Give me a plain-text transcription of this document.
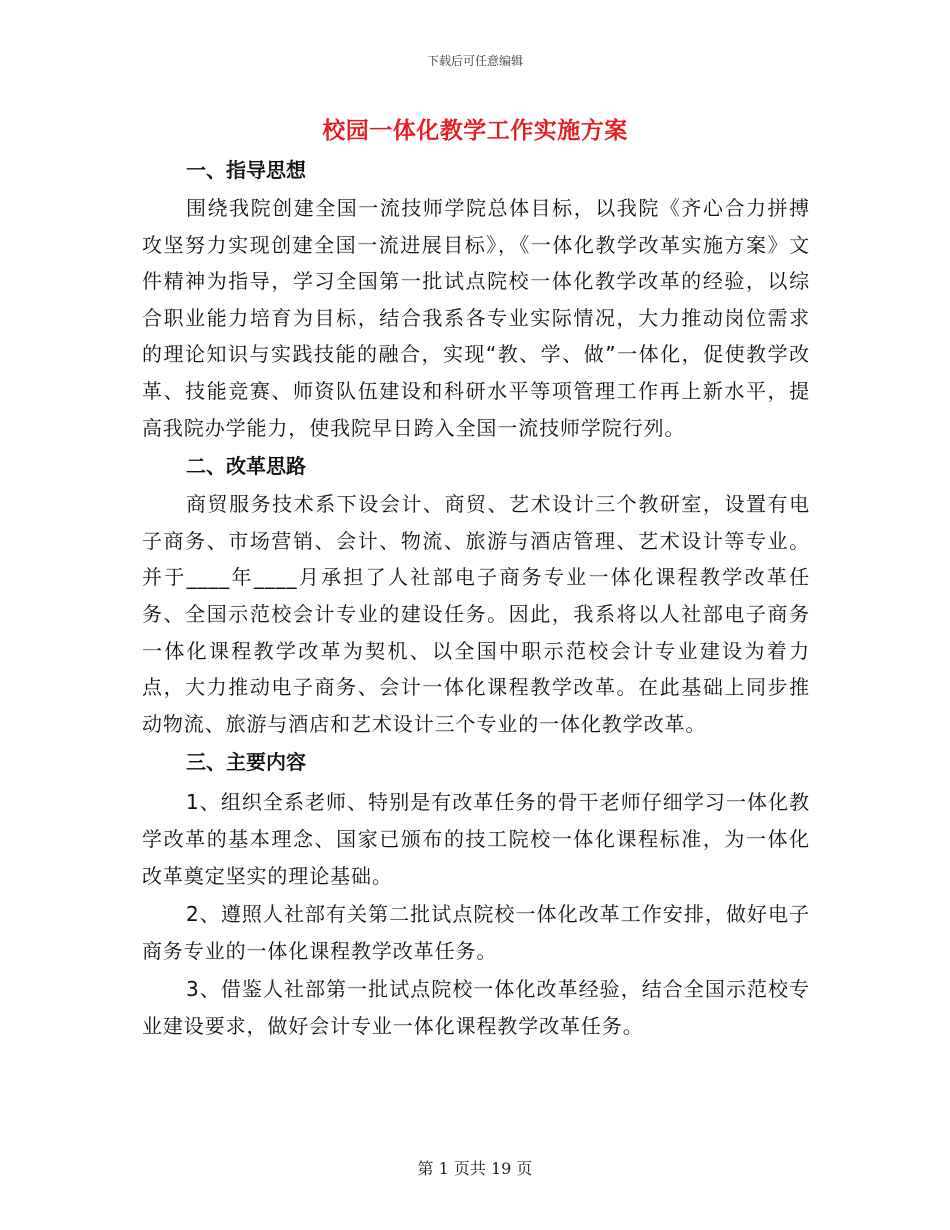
下载后可任意编辑
校园一体化教学工作实施方案
一、指导思想

围绕我院创建全国一流技师学院总体目标，以我院《齐心合力拼搏攻坚努力实现创建全国一流进展目标》，《一体化教学改革实施方案》文件精神为指导，学习全国第一批试点院校一体化教学改革的经验，以综合职业能力培育为目标，结合我系各专业实际情况，大力推动岗位需求的理论知识与实践技能的融合，实现“教、学、做”一体化，促使教学改革、技能竞赛、师资队伍建设和科研水平等项管理工作再上新水平，提高我院办学能力，使我院早日跨入全国一流技师学院行列。

二、改革思路

商贸服务技术系下设会计、商贸、艺术设计三个教研室，设置有电子商务、市场营销、会计、物流、旅游与酒店管理、艺术设计等专业。并于____年____月承担了人社部电子商务专业一体化课程教学改革任务、全国示范校会计专业的建设任务。因此，我系将以人社部电子商务一体化课程教学改革为契机、以全国中职示范校会计专业建设为着力点，大力推动电子商务、会计一体化课程教学改革。在此基础上同步推动物流、旅游与酒店和艺术设计三个专业的一体化教学改革。

三、主要内容

1、组织全系老师、特别是有改革任务的骨干老师仔细学习一体化教学改革的基本理念、国家已颁布的技工院校一体化课程标准，为一体化改革奠定坚实的理论基础。

2、遵照人社部有关第二批试点院校一体化改革工作安排，做好电子商务专业的一体化课程教学改革任务。

3、借鉴人社部第一批试点院校一体化改革经验，结合全国示范校专业建设要求，做好会计专业一体化课程教学改革任务。

第 1 页共 19 页
